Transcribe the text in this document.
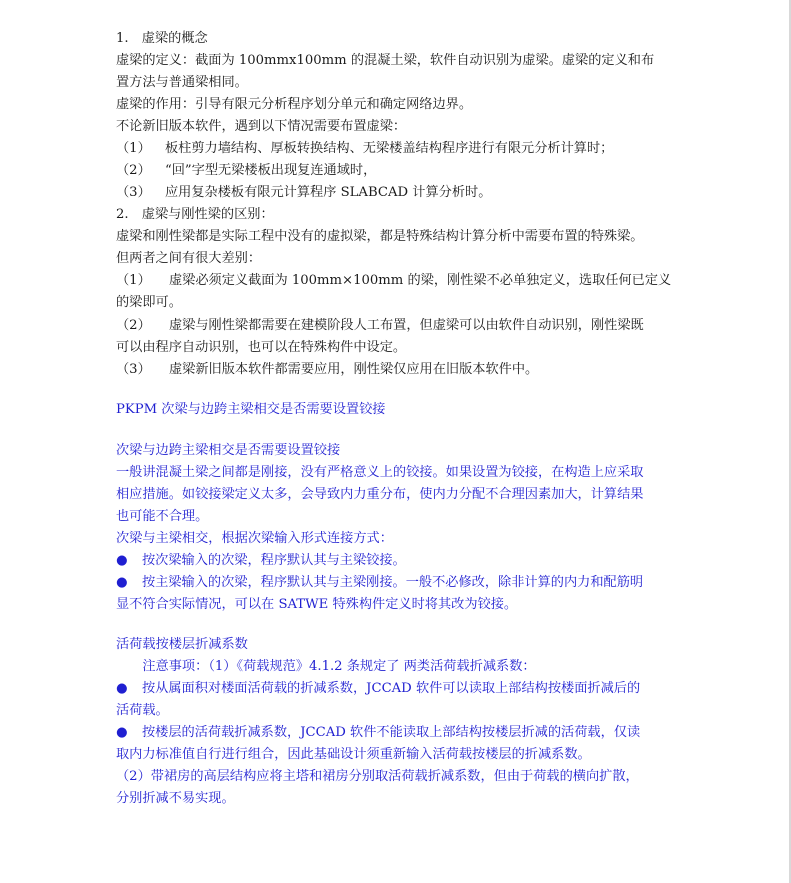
1.　虚梁的概念
虚梁的定义：截面为 100mmx100mm 的混凝土梁，软件自动识别为虚梁。虚梁的定义和布
置方法与普通梁相同。
虚梁的作用：引导有限元分析程序划分单元和确定网络边界。
不论新旧版本软件，遇到以下情况需要布置虚梁：
（1） 板柱剪力墙结构、厚板转换结构、无梁楼盖结构程序进行有限元分析计算时；
（2） “回”字型无梁楼板出现复连通域时，
（3） 应用复杂楼板有限元计算程序 SLABCAD 计算分析时。
2.　虚梁与刚性梁的区别：
虚梁和刚性梁都是实际工程中没有的虚拟梁，都是特殊结构计算分析中需要布置的特殊梁。
但两者之间有很大差别：
（1） 虚梁必须定义截面为 100mm×100mm 的梁，刚性梁不必单独定义，选取任何已定义
的梁即可。
（2） 虚梁与刚性梁都需要在建模阶段人工布置，但虚梁可以由软件自动识别，刚性梁既
可以由程序自动识别，也可以在特殊构件中设定。
（3） 虚梁新旧版本软件都需要应用，刚性梁仅应用在旧版本软件中。
PKPM 次梁与边跨主梁相交是否需要设置铰接
次梁与边跨主梁相交是否需要设置铰接
一般讲混凝土梁之间都是刚接，没有严格意义上的铰接。如果设置为铰接，在构造上应采取
相应措施。如铰接梁定义太多，会导致内力重分布，使内力分配不合理因素加大，计算结果
也可能不合理。
次梁与主梁相交，根据次梁输入形式连接方式：
● 按次梁输入的次梁，程序默认其与主梁铰接。
● 按主梁输入的次梁，程序默认其与主梁刚接。一般不必修改，除非计算的内力和配筋明
显不符合实际情况，可以在 SATWE 特殊构件定义时将其改为铰接。
活荷载按楼层折减系数
　　注意事项：（1）《荷载规范》4.1.2 条规定了 两类活荷载折减系数：
● 按从属面积对楼面活荷载的折减系数，JCCAD 软件可以读取上部结构按楼面折减后的
活荷载。
● 按楼层的活荷载折减系数，JCCAD 软件不能读取上部结构按楼层折减的活荷载，仅读
取内力标准值自行进行组合，因此基础设计须重新输入活荷载按楼层的折减系数。
（2）带裙房的高层结构应将主塔和裙房分别取活荷载折减系数，但由于荷载的横向扩散，
分别折减不易实现。
